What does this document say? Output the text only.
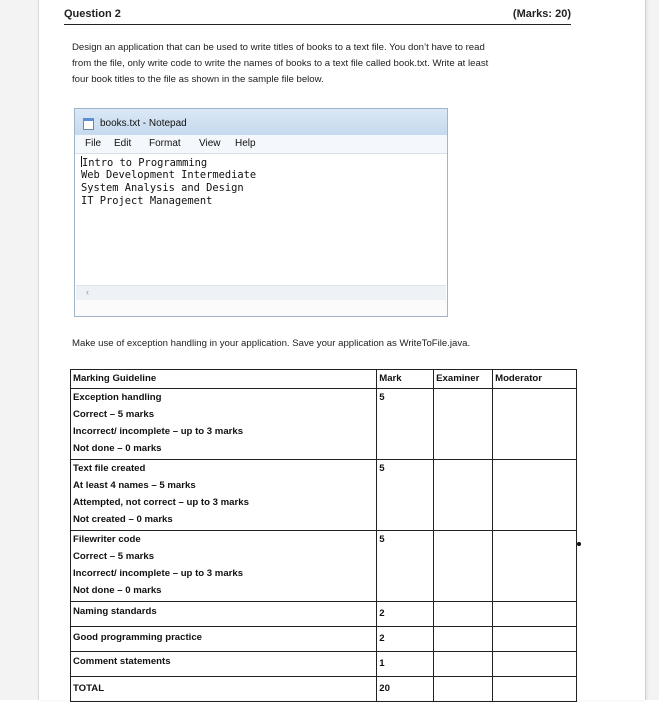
Question 2	(Marks: 20)
Design an application that can be used to write titles of books to a text file. You don’t have to read
from the file, only write code to write the names of books to a text file called book.txt. Write at least
four book titles to the file as shown in the sample file below.
books.txt - Notepad
File Edit Format View Help
Intro to Programming
Web Development Intermediate
System Analysis and Design
IT Project Management
‹
Make use of exception handling in your application. Save your application as WriteToFile.java.
Marking Guideline	Mark	Examiner	Moderator

Exception handling
Correct – 5 marks
Incorrect/ incomplete – up to 3 marks
Not done – 0 marks	5		

Text file created
At least 4 names – 5 marks
Attempted, not correct – up to 3 marks
Not created – 0 marks	5		

Filewriter code
Correct – 5 marks
Incorrect/ incomplete – up to 3 marks
Not done – 0 marks	5		
Naming standards	2		
Good programming practice	2		
Comment statements	1		
TOTAL	20		
